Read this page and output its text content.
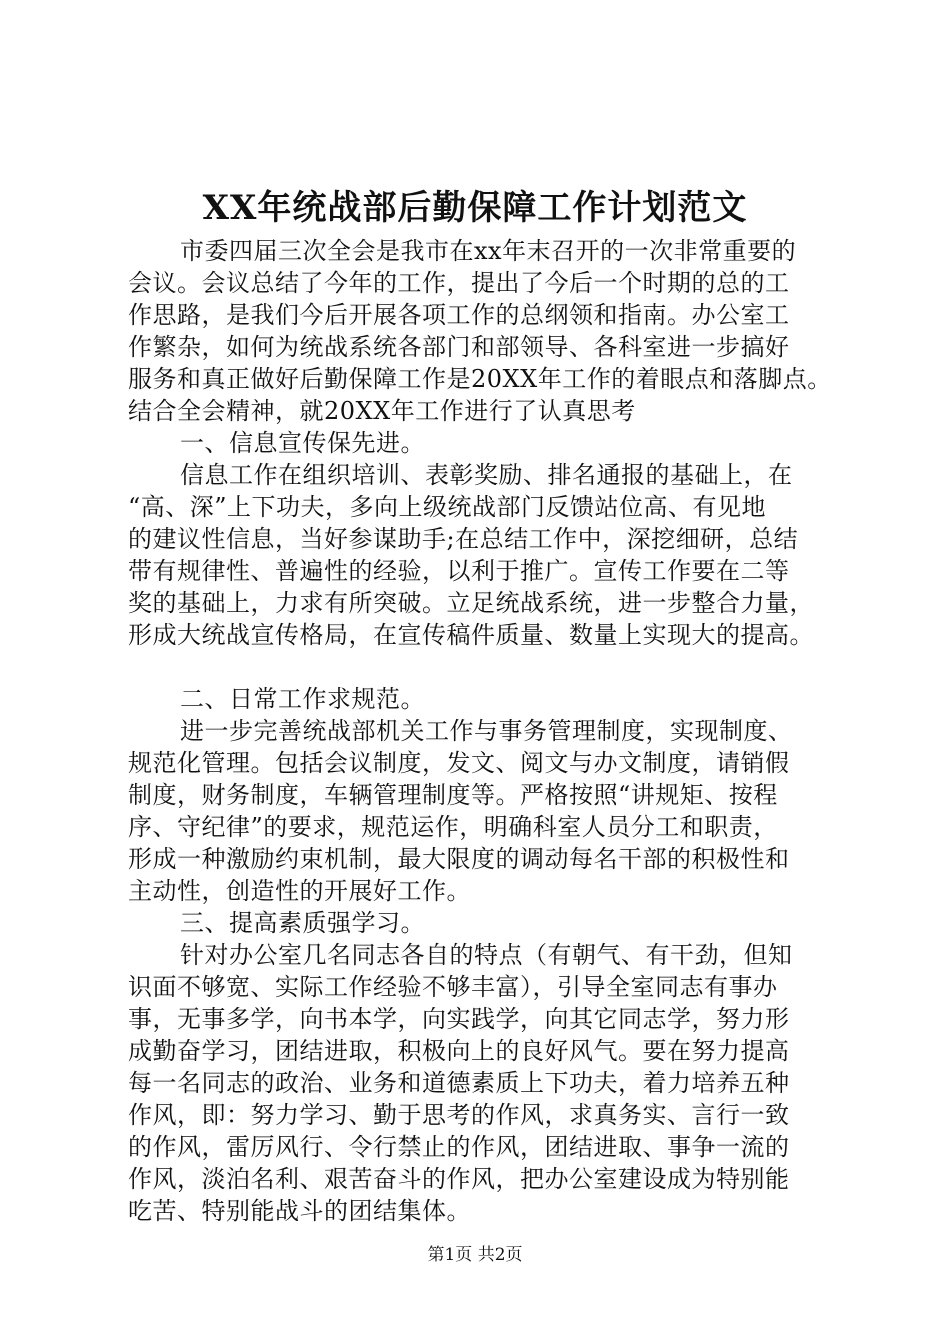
XX年统战部后勤保障工作计划范文
市委四届三次全会是我市在xx年末召开的一次非常重要的
会议。会议总结了今年的工作，提出了今后一个时期的总的工
作思路，是我们今后开展各项工作的总纲领和指南。办公室工
作繁杂，如何为统战系统各部门和部领导、各科室进一步搞好
服务和真正做好后勤保障工作是20XX年工作的着眼点和落脚点。
结合全会精神，就20XX年工作进行了认真思考
一、信息宣传保先进。
信息工作在组织培训、表彰奖励、排名通报的基础上，在
“高、深”上下功夫，多向上级统战部门反馈站位高、有见地
的建议性信息，当好参谋助手;在总结工作中，深挖细研，总结
带有规律性、普遍性的经验，以利于推广。宣传工作要在二等
奖的基础上，力求有所突破。立足统战系统，进一步整合力量，
形成大统战宣传格局，在宣传稿件质量、数量上实现大的提高。
二、日常工作求规范。
进一步完善统战部机关工作与事务管理制度，实现制度、
规范化管理。包括会议制度，发文、阅文与办文制度，请销假
制度，财务制度，车辆管理制度等。严格按照“讲规矩、按程
序、守纪律”的要求，规范运作，明确科室人员分工和职责，
形成一种激励约束机制，最大限度的调动每名干部的积极性和
主动性，创造性的开展好工作。
三、提高素质强学习。
针对办公室几名同志各自的特点（有朝气、有干劲，但知
识面不够宽、实际工作经验不够丰富），引导全室同志有事办
事，无事多学，向书本学，向实践学，向其它同志学，努力形
成勤奋学习，团结进取，积极向上的良好风气。要在努力提高
每一名同志的政治、业务和道德素质上下功夫，着力培养五种
作风，即：努力学习、勤于思考的作风，求真务实、言行一致
的作风，雷厉风行、令行禁止的作风，团结进取、事争一流的
作风，淡泊名利、艰苦奋斗的作风，把办公室建设成为特别能
吃苦、特别能战斗的团结集体。
第1页 共2页
